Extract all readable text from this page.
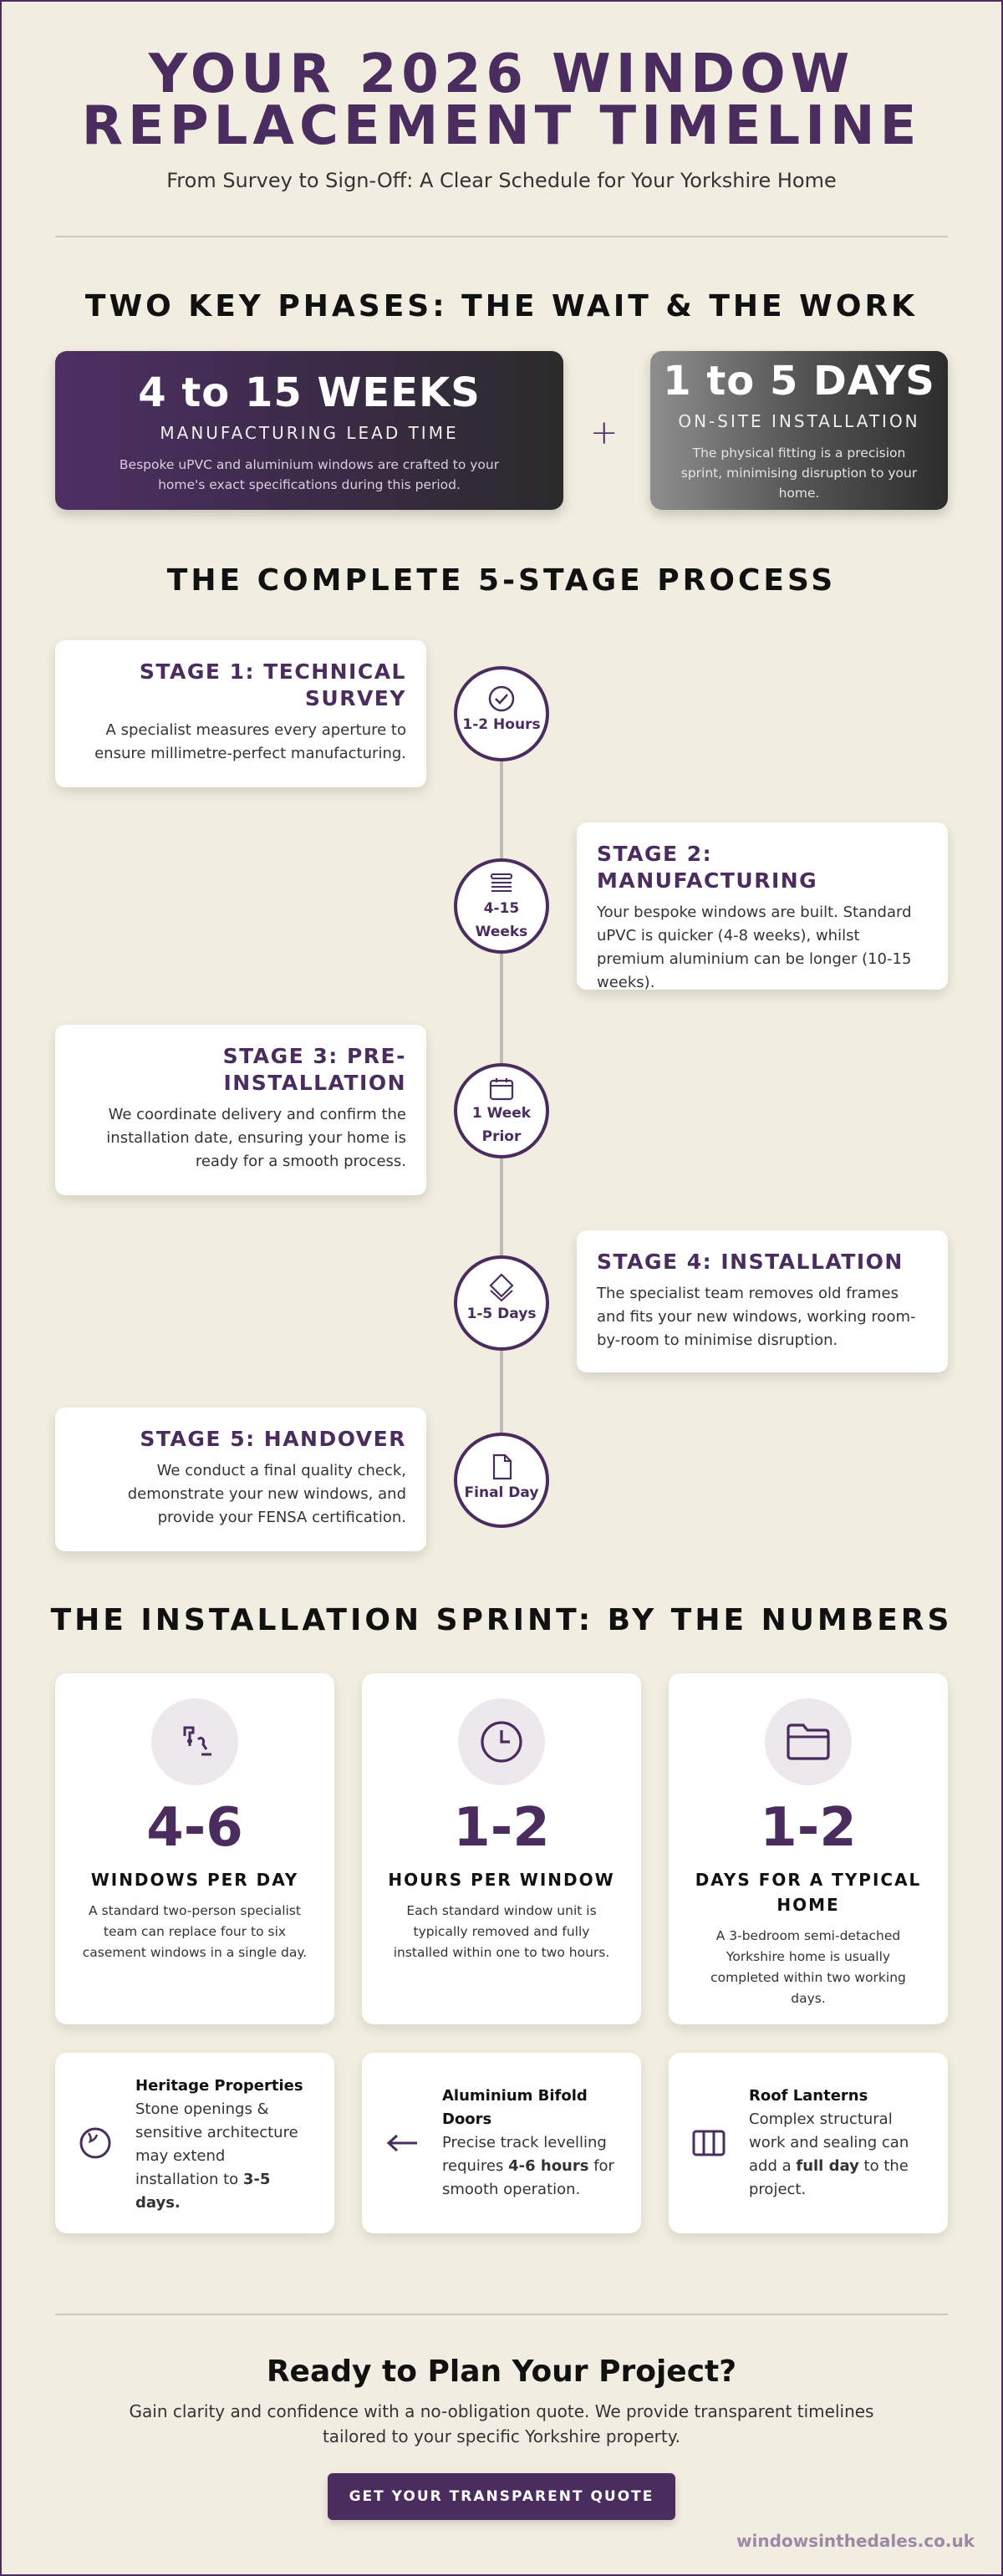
YOUR 2026 WINDOW
REPLACEMENT TIMELINE
From Survey to Sign-Off: A Clear Schedule for Your Yorkshire Home
TWO KEY PHASES: THE WAIT & THE WORK
4 to 15 WEEKS
MANUFACTURING LEAD TIME
Bespoke uPVC and aluminium windows are crafted to your home's exact specifications during this period.
+
1 to 5 DAYS
ON-SITE INSTALLATION
The physical fitting is a precision sprint, minimising disruption to your home.
THE COMPLETE 5-STAGE PROCESS
STAGE 1: TECHNICAL SURVEY
A specialist measures every aperture to ensure millimetre-perfect manufacturing.
1-2 Hours
STAGE 2: MANUFACTURING
Your bespoke windows are built. Standard uPVC is quicker (4-8 weeks), whilst premium aluminium can be longer (10-15 weeks).
4-15 Weeks
STAGE 3: PRE-INSTALLATION
We coordinate delivery and confirm the installation date, ensuring your home is ready for a smooth process.
1 Week Prior
STAGE 4: INSTALLATION
The specialist team removes old frames and fits your new windows, working room-by-room to minimise disruption.
1-5 Days
STAGE 5: HANDOVER
We conduct a final quality check, demonstrate your new windows, and provide your FENSA certification.
Final Day
THE INSTALLATION SPRINT: BY THE NUMBERS
4-6
WINDOWS PER DAY
A standard two-person specialist team can replace four to six casement windows in a single day.
1-2
HOURS PER WINDOW
Each standard window unit is typically removed and fully installed within one to two hours.
1-2
DAYS FOR A TYPICAL HOME
A 3-bedroom semi-detached Yorkshire home is usually completed within two working days.
Heritage Properties
Stone openings & sensitive architecture may extend installation to 3-5 days.
Aluminium Bifold Doors
Precise track levelling requires 4-6 hours for smooth operation.
Roof Lanterns
Complex structural work and sealing can add a full day to the project.
Ready to Plan Your Project?
Gain clarity and confidence with a no-obligation quote. We provide transparent timelines tailored to your specific Yorkshire property.
GET YOUR TRANSPARENT QUOTE
windowsinthedales.co.uk
